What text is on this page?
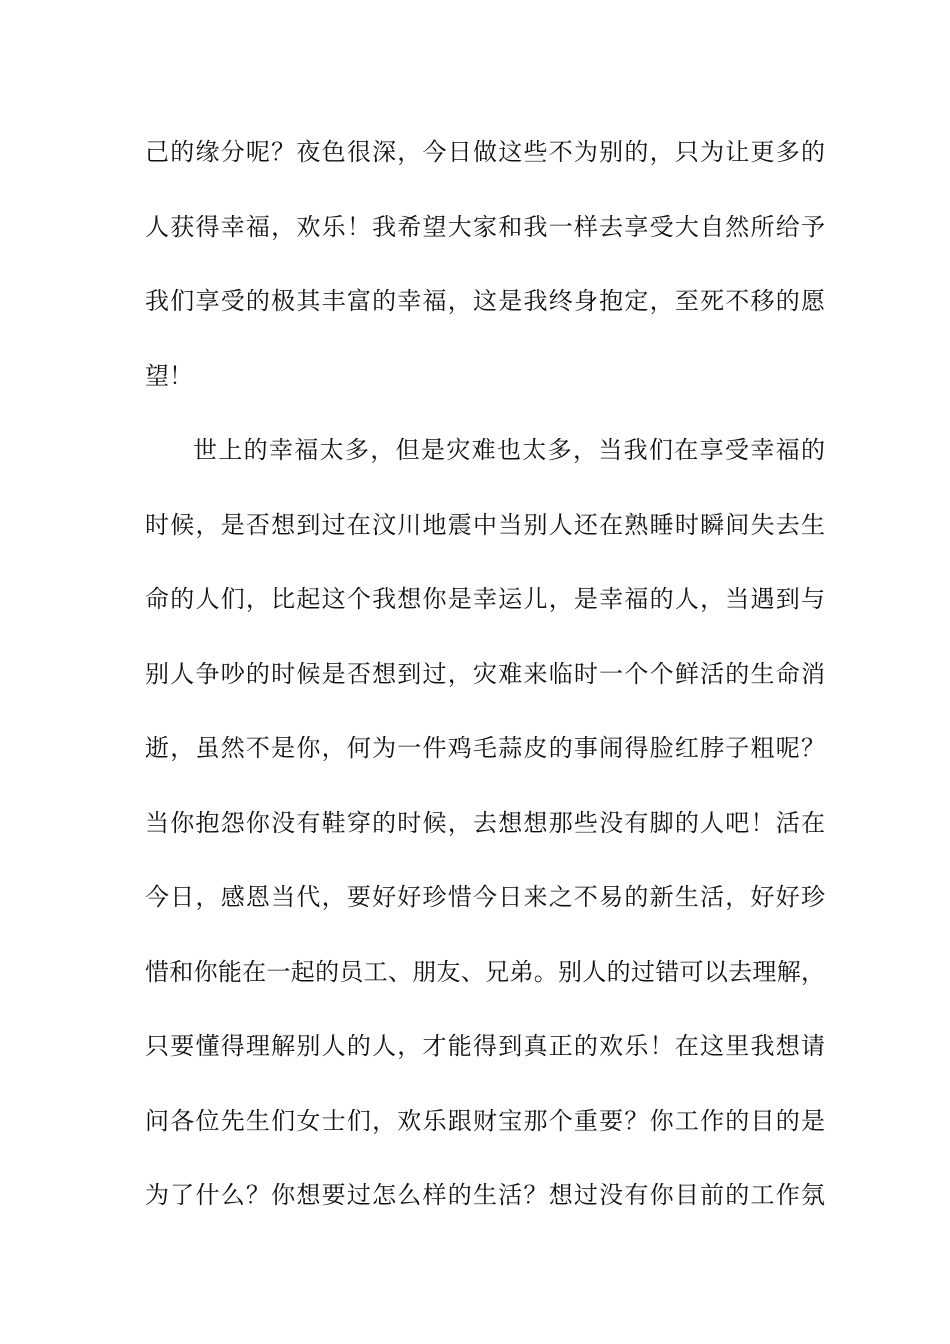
己的缘分呢？夜色很深，今日做这些不为别的，只为让更多的
人获得幸福，欢乐！我希望大家和我一样去享受大自然所给予
我们享受的极其丰富的幸福，这是我终身抱定，至死不移的愿
望！
世上的幸福太多，但是灾难也太多，当我们在享受幸福的
时候，是否想到过在汶川地震中当别人还在熟睡时瞬间失去生
命的人们，比起这个我想你是幸运儿，是幸福的人，当遇到与
别人争吵的时候是否想到过，灾难来临时一个个鲜活的生命消
逝，虽然不是你，何为一件鸡毛蒜皮的事闹得脸红脖子粗呢？
当你抱怨你没有鞋穿的时候，去想想那些没有脚的人吧！活在
今日，感恩当代，要好好珍惜今日来之不易的新生活，好好珍
惜和你能在一起的员工、朋友、兄弟。别人的过错可以去理解，
只要懂得理解别人的人，才能得到真正的欢乐！在这里我想请
问各位先生们女士们，欢乐跟财宝那个重要？你工作的目的是
为了什么？你想要过怎么样的生活？想过没有你目前的工作氛
